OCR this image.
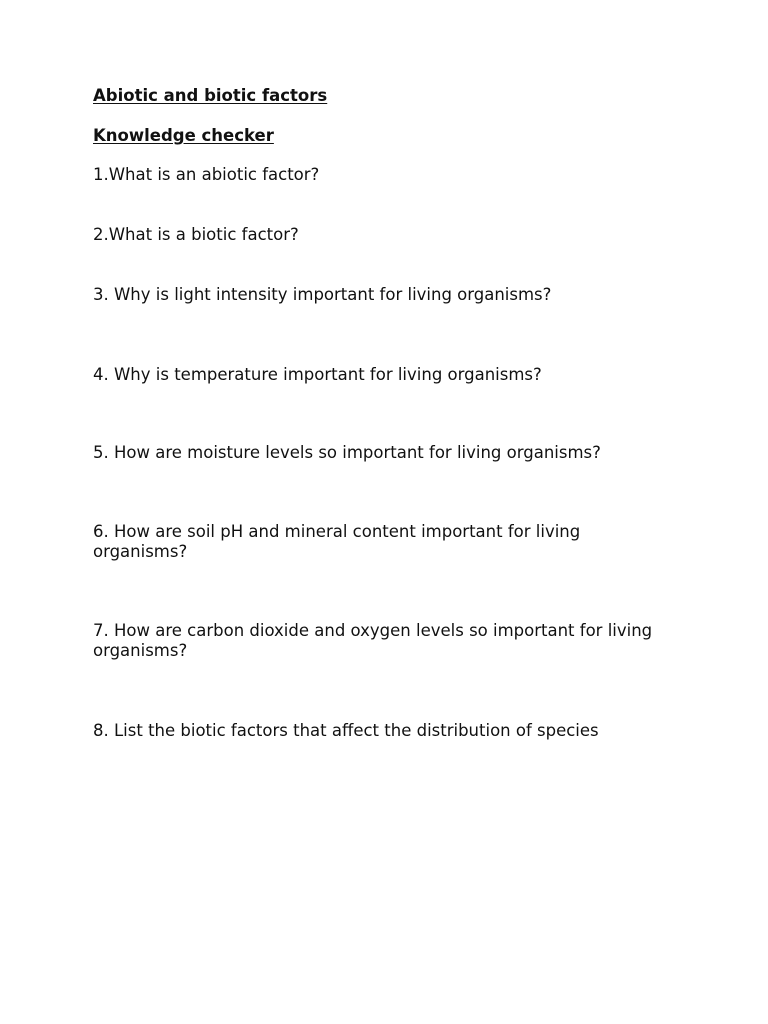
Abiotic and biotic factors
Knowledge checker
1.What is an abiotic factor?
2.What is a biotic factor?
3. Why is light intensity important for living organisms?
4. Why is temperature important for living organisms?
5. How are moisture levels so important for living organisms?
6. How are soil pH and mineral content important for living organisms?
7. How are carbon dioxide and oxygen levels so important for living organisms?
8. List the biotic factors that affect the distribution of species
